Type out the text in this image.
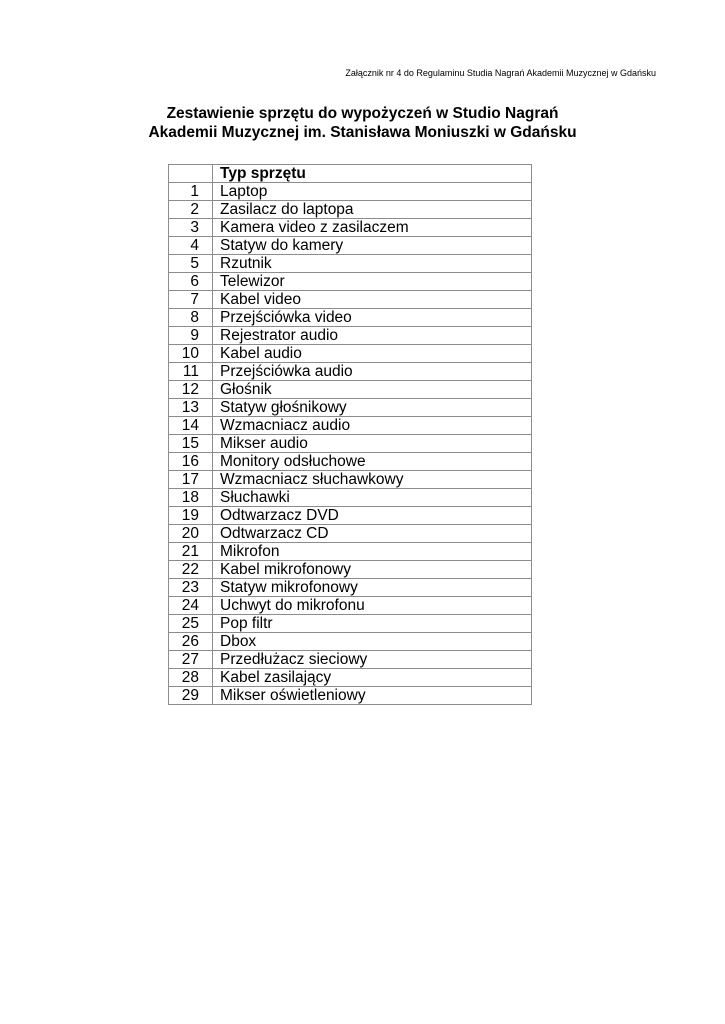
Załącznik nr 4 do Regulaminu Studia Nagrań Akademii Muzycznej w Gdańsku
Zestawienie sprzętu do wypożyczeń w Studio Nagrań
Akademii Muzycznej im. Stanisława Moniuszki w Gdańsku
	Typ sprzętu
1	Laptop
2	Zasilacz do laptopa
3	Kamera video z zasilaczem
4	Statyw do kamery
5	Rzutnik
6	Telewizor
7	Kabel video
8	Przejściówka video
9	Rejestrator audio
10	Kabel audio
11	Przejściówka audio
12	Głośnik
13	Statyw głośnikowy
14	Wzmacniacz audio
15	Mikser audio
16	Monitory odsłuchowe
17	Wzmacniacz słuchawkowy
18	Słuchawki
19	Odtwarzacz DVD
20	Odtwarzacz CD
21	Mikrofon
22	Kabel mikrofonowy
23	Statyw mikrofonowy
24	Uchwyt do mikrofonu
25	Pop filtr
26	Dbox
27	Przedłużacz sieciowy
28	Kabel zasilający
29	Mikser oświetleniowy
